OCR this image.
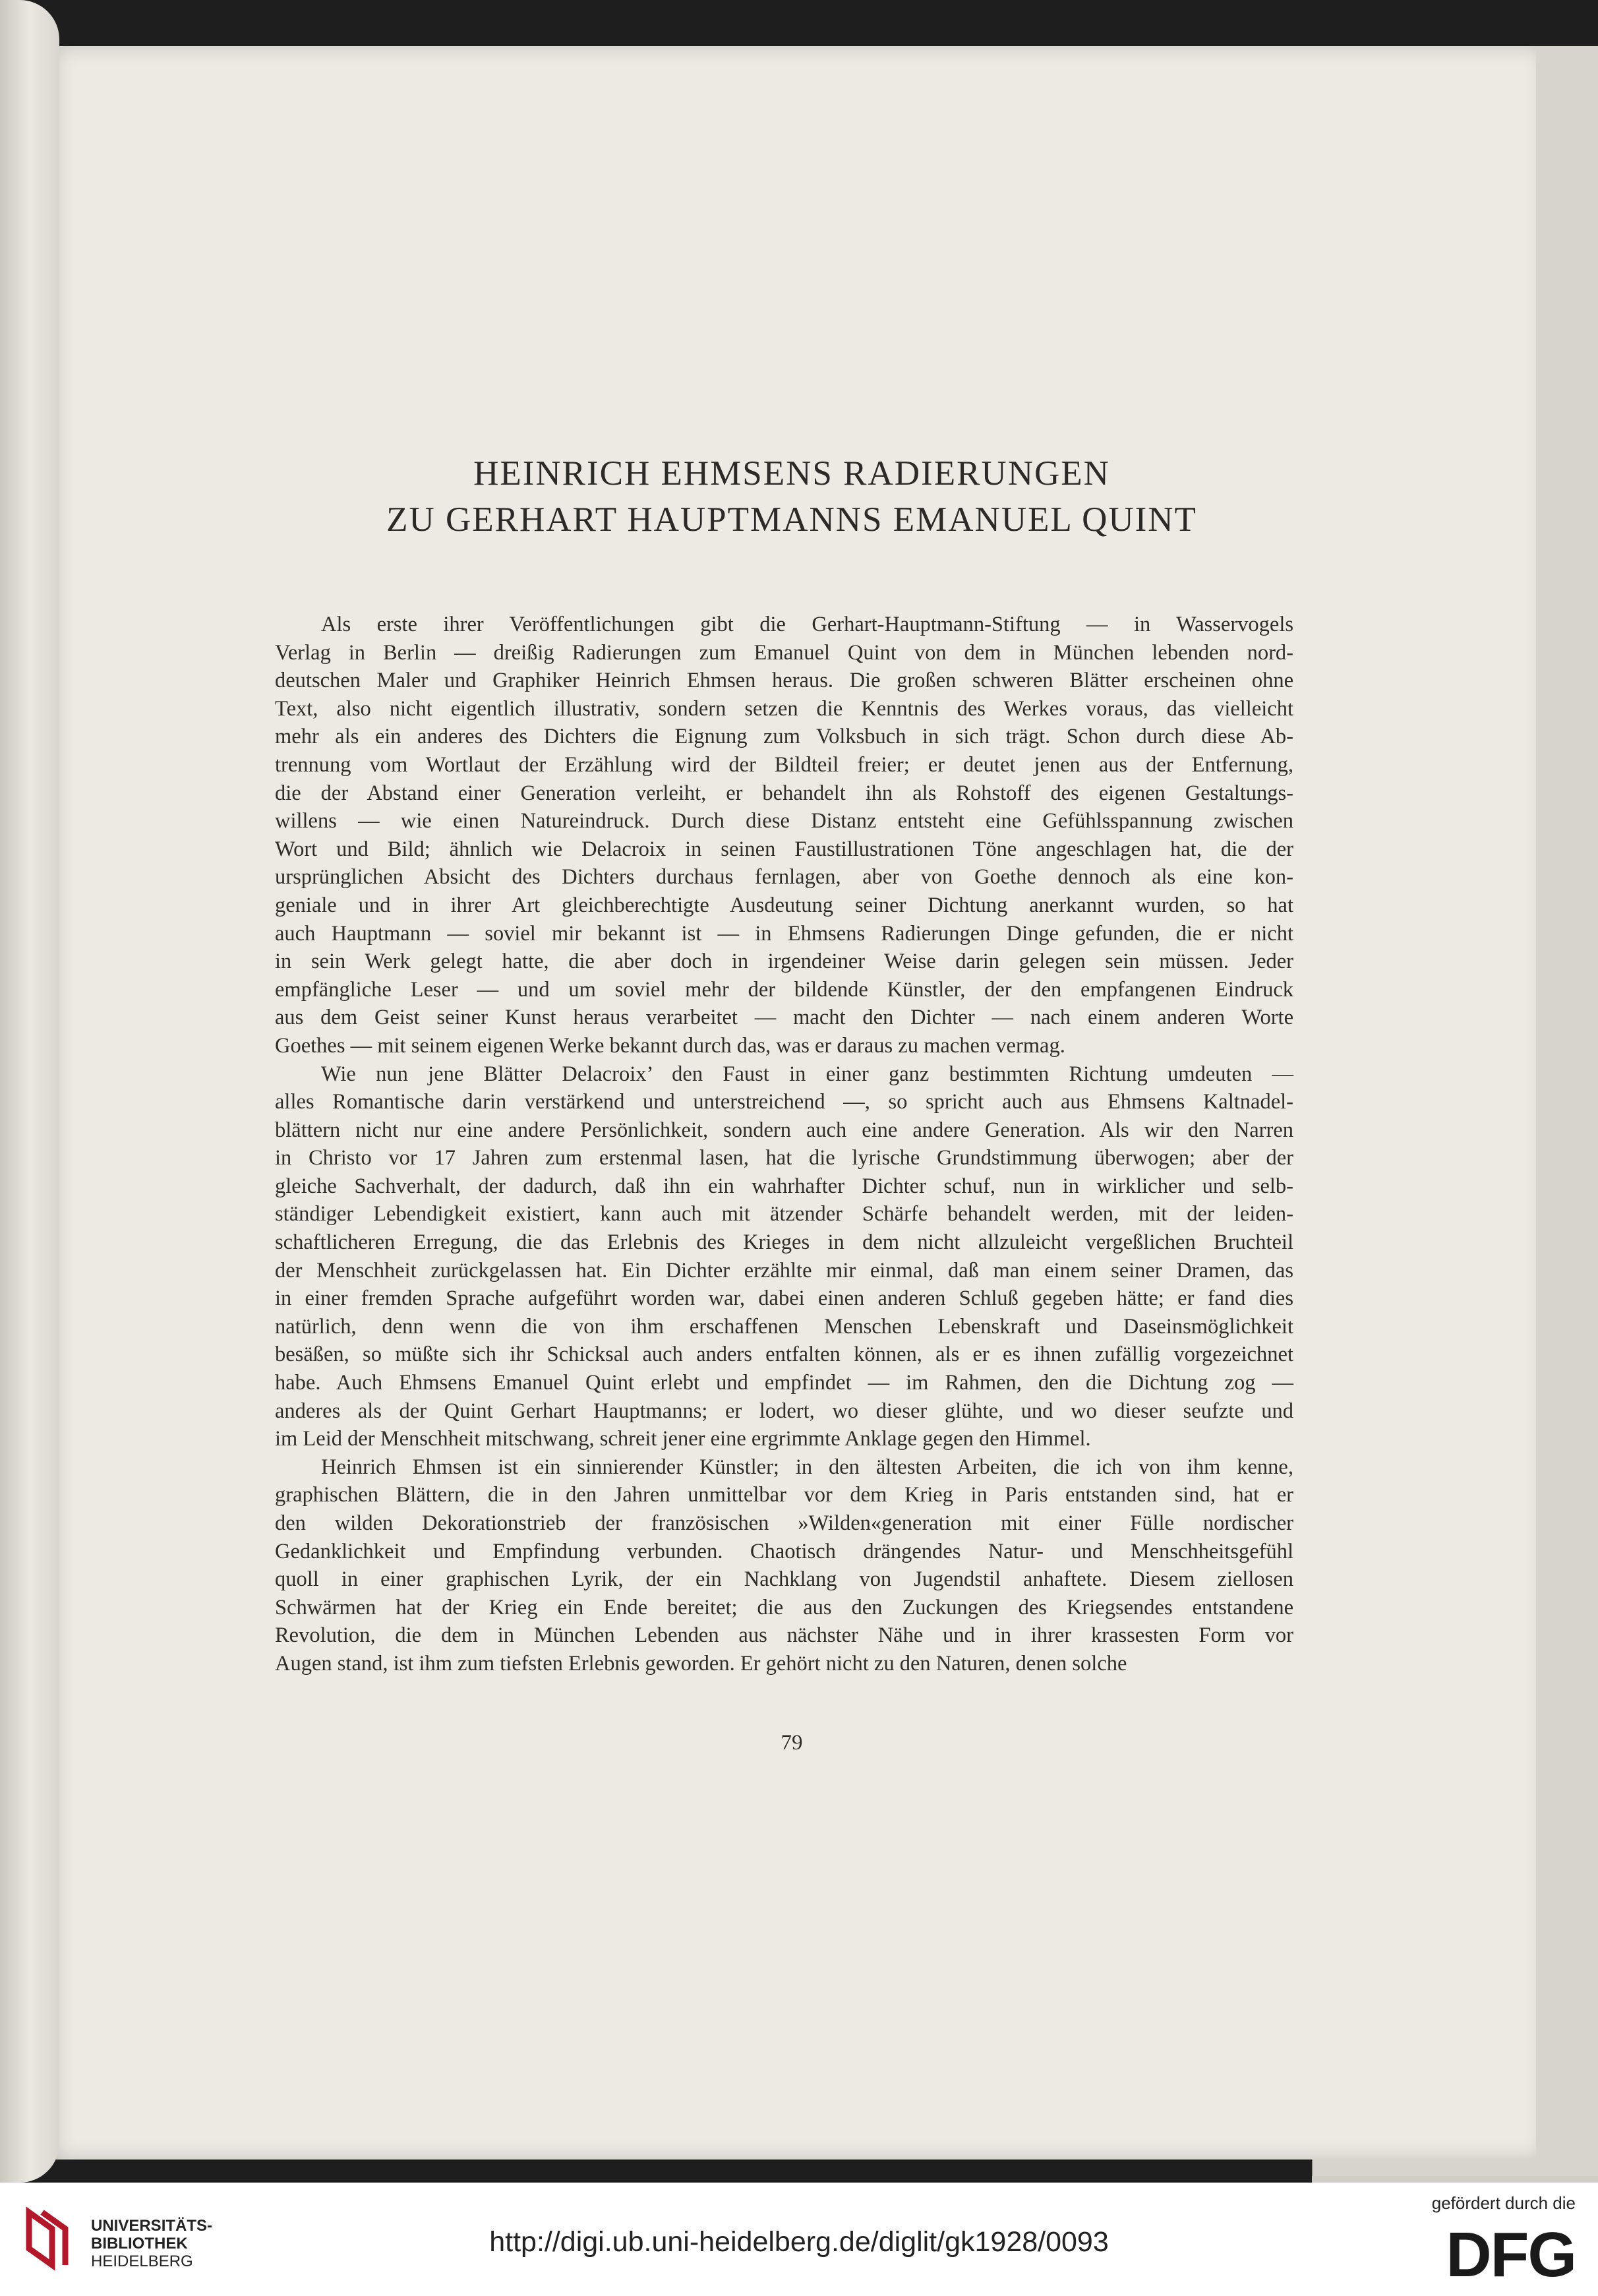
HEINRICH EHMSENS RADIERUNGEN
ZU GERHART HAUPTMANNS EMANUEL QUINT
Als erste ihrer Veröffentlichungen gibt die Gerhart-Hauptmann-Stiftung — in Wasservogels
Verlag in Berlin — dreißig Radierungen zum Emanuel Quint von dem in München lebenden nord-
deutschen Maler und Graphiker Heinrich Ehmsen heraus. Die großen schweren Blätter erscheinen ohne
Text, also nicht eigentlich illustrativ, sondern setzen die Kenntnis des Werkes voraus, das vielleicht
mehr als ein anderes des Dichters die Eignung zum Volksbuch in sich trägt. Schon durch diese Ab-
trennung vom Wortlaut der Erzählung wird der Bildteil freier; er deutet jenen aus der Entfernung,
die der Abstand einer Generation verleiht, er behandelt ihn als Rohstoff des eigenen Gestaltungs-
willens — wie einen Natureindruck. Durch diese Distanz entsteht eine Gefühlsspannung zwischen
Wort und Bild; ähnlich wie Delacroix in seinen Faustillustrationen Töne angeschlagen hat, die der
ursprünglichen Absicht des Dichters durchaus fernlagen, aber von Goethe dennoch als eine kon-
geniale und in ihrer Art gleichberechtigte Ausdeutung seiner Dichtung anerkannt wurden, so hat
auch Hauptmann — soviel mir bekannt ist — in Ehmsens Radierungen Dinge gefunden, die er nicht
in sein Werk gelegt hatte, die aber doch in irgendeiner Weise darin gelegen sein müssen. Jeder
empfängliche Leser — und um soviel mehr der bildende Künstler, der den empfangenen Eindruck
aus dem Geist seiner Kunst heraus verarbeitet — macht den Dichter — nach einem anderen Worte
Goethes — mit seinem eigenen Werke bekannt durch das, was er daraus zu machen vermag.
Wie nun jene Blätter Delacroix’ den Faust in einer ganz bestimmten Richtung umdeuten —
alles Romantische darin verstärkend und unterstreichend —, so spricht auch aus Ehmsens Kaltnadel-
blättern nicht nur eine andere Persönlichkeit, sondern auch eine andere Generation. Als wir den Narren
in Christo vor 17 Jahren zum erstenmal lasen, hat die lyrische Grundstimmung überwogen; aber der
gleiche Sachverhalt, der dadurch, daß ihn ein wahrhafter Dichter schuf, nun in wirklicher und selb-
ständiger Lebendigkeit existiert, kann auch mit ätzender Schärfe behandelt werden, mit der leiden-
schaftlicheren Erregung, die das Erlebnis des Krieges in dem nicht allzuleicht vergeßlichen Bruchteil
der Menschheit zurückgelassen hat. Ein Dichter erzählte mir einmal, daß man einem seiner Dramen, das
in einer fremden Sprache aufgeführt worden war, dabei einen anderen Schluß gegeben hätte; er fand dies
natürlich, denn wenn die von ihm erschaffenen Menschen Lebenskraft und Daseinsmöglichkeit
besäßen, so müßte sich ihr Schicksal auch anders entfalten können, als er es ihnen zufällig vorgezeichnet
habe. Auch Ehmsens Emanuel Quint erlebt und empfindet — im Rahmen, den die Dichtung zog —
anderes als der Quint Gerhart Hauptmanns; er lodert, wo dieser glühte, und wo dieser seufzte und
im Leid der Menschheit mitschwang, schreit jener eine ergrimmte Anklage gegen den Himmel.
Heinrich Ehmsen ist ein sinnierender Künstler; in den ältesten Arbeiten, die ich von ihm kenne,
graphischen Blättern, die in den Jahren unmittelbar vor dem Krieg in Paris entstanden sind, hat er
den wilden Dekorationstrieb der französischen »Wilden«generation mit einer Fülle nordischer
Gedanklichkeit und Empfindung verbunden. Chaotisch drängendes Natur- und Menschheitsgefühl
quoll in einer graphischen Lyrik, der ein Nachklang von Jugendstil anhaftete. Diesem ziellosen
Schwärmen hat der Krieg ein Ende bereitet; die aus den Zuckungen des Kriegsendes entstandene
Revolution, die dem in München Lebenden aus nächster Nähe und in ihrer krassesten Form vor
Augen stand, ist ihm zum tiefsten Erlebnis geworden. Er gehört nicht zu den Naturen, denen solche
79
UNIVERSITÄTS-
BIBLIOTHEK
HEIDELBERG
http://digi.ub.uni-heidelberg.de/diglit/gk1928/0093
gefördert durch die
DFG
